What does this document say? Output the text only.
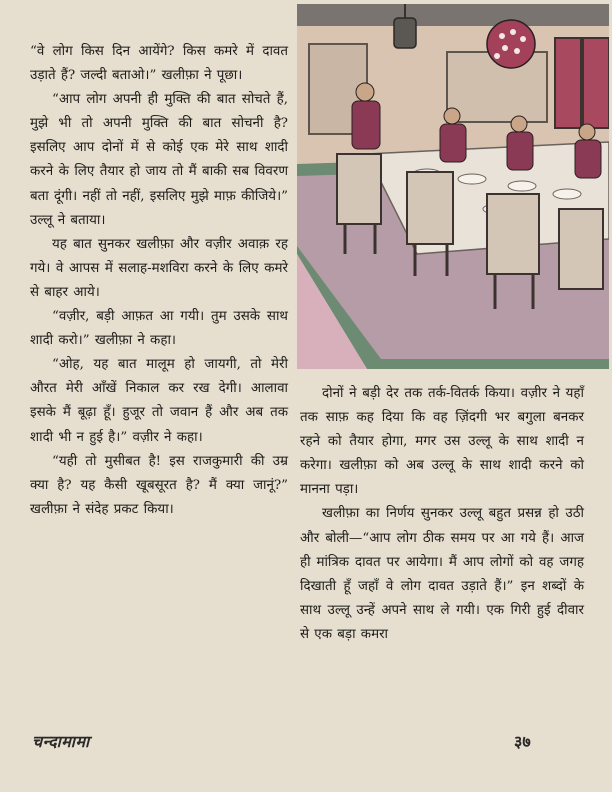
“वे लोग किस दिन आयेंगे? किस कमरे में दावत उड़ाते हैं? जल्दी बताओ।” खलीफ़ा ने पूछा।

“आप लोग अपनी ही मुक्ति की बात सोचते हैं, मुझे भी तो अपनी मुक्ति की बात सोचनी है? इसलिए आप दोनों में से कोई एक मेरे साथ शादी करने के लिए तैयार हो जाय तो मैं बाकी सब विवरण बता दूंगी। नहीं तो नहीं, इसलिए मुझे माफ़ कीजिये।” उल्लू ने बताया।

यह बात सुनकर खलीफ़ा और वज़ीर अवाक़ रह गये। वे आपस में सलाह-मशविरा करने के लिए कमरे से बाहर आये।

“वज़ीर, बड़ी आफ़त आ गयी। तुम उसके साथ शादी करो।” खलीफ़ा ने कहा।

“ओह, यह बात मालूम हो जायगी, तो मेरी औरत मेरी आँखें निकाल कर रख देगी। आलावा इसके मैं बूढ़ा हूँ। हुजूर तो जवान हैं और अब तक शादी भी न हुई है।” वज़ीर ने कहा।

“यही तो मुसीबत है! इस राजकुमारी की उम्र क्या है? यह कैसी खूबसूरत है? मैं क्या जानूं?” खलीफ़ा ने संदेह प्रकट किया।

दोनों ने बड़ी देर तक तर्क-वितर्क किया। वज़ीर ने यहाँ तक साफ़ कह दिया कि वह ज़िंदगी भर बगुला बनकर रहने को तैयार होगा, मगर उस उल्लू के साथ शादी न करेगा। खलीफ़ा को अब उल्लू के साथ शादी करने को मानना पड़ा।

खलीफ़ा का निर्णय सुनकर उल्लू बहुत प्रसन्न हो उठी और बोली—“आप लोग ठीक समय पर आ गये हैं। आज ही मांत्रिक दावत पर आयेगा। मैं आप लोगों को वह जगह दिखाती हूँ जहाँ वे लोग दावत उड़ाते हैं।” इन शब्दों के साथ उल्लू उन्हें अपने साथ ले गयी। एक गिरी हुई दीवार से एक बड़ा कमरा

चन्दामामा	३७
